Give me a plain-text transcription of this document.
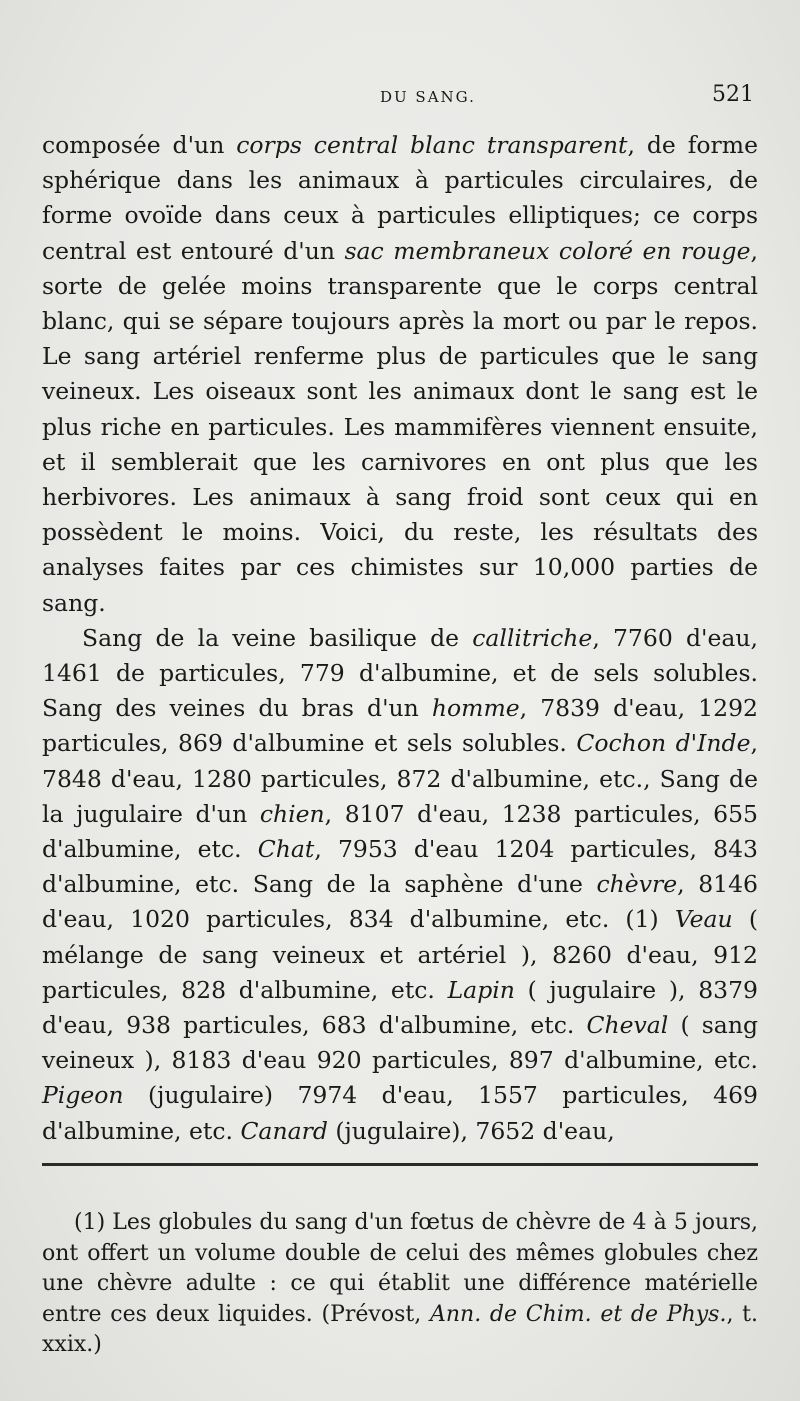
DU SANG.	521

composée d'un corps central blanc transparent, de forme sphérique dans les animaux à particules circulaires, de forme ovoïde dans ceux à particules elliptiques; ce corps central est entouré d'un sac membraneux coloré en rouge, sorte de gelée moins transparente que le corps central blanc, qui se sépare toujours après la mort ou par le repos. Le sang artériel renferme plus de particules que le sang veineux. Les oiseaux sont les animaux dont le sang est le plus riche en particules. Les mammifères viennent ensuite, et il semblerait que les carnivores en ont plus que les herbivores. Les animaux à sang froid sont ceux qui en possèdent le moins. Voici, du reste, les résultats des analyses faites par ces chimistes sur 10,000 parties de sang.

Sang de la veine basilique de callitriche, 7760 d'eau, 1461 de particules, 779 d'albumine, et de sels solubles. Sang des veines du bras d'un homme, 7839 d'eau, 1292 particules, 869 d'albumine et sels solubles. Cochon d'Inde, 7848 d'eau, 1280 particules, 872 d'albumine, etc., Sang de la jugulaire d'un chien, 8107 d'eau, 1238 particules, 655 d'albumine, etc. Chat, 7953 d'eau 1204 particules, 843 d'albumine, etc. Sang de la saphène d'une chèvre, 8146 d'eau, 1020 particules, 834 d'albumine, etc. (1) Veau ( mélange de sang veineux et artériel ), 8260 d'eau, 912 particules, 828 d'albumine, etc. Lapin ( jugulaire ), 8379 d'eau, 938 particules, 683 d'albumine, etc. Cheval ( sang veineux ), 8183 d'eau 920 particules, 897 d'albumine, etc. Pigeon (jugulaire) 7974 d'eau, 1557 particules, 469 d'albumine, etc. Canard (jugulaire), 7652 d'eau,

(1) Les globules du sang d'un fœtus de chèvre de 4 à 5 jours, ont offert un volume double de celui des mêmes globules chez une chèvre adulte : ce qui établit une différence matérielle entre ces deux liquides. (Prévost, Ann. de Chim. et de Phys., t. xxix.)
